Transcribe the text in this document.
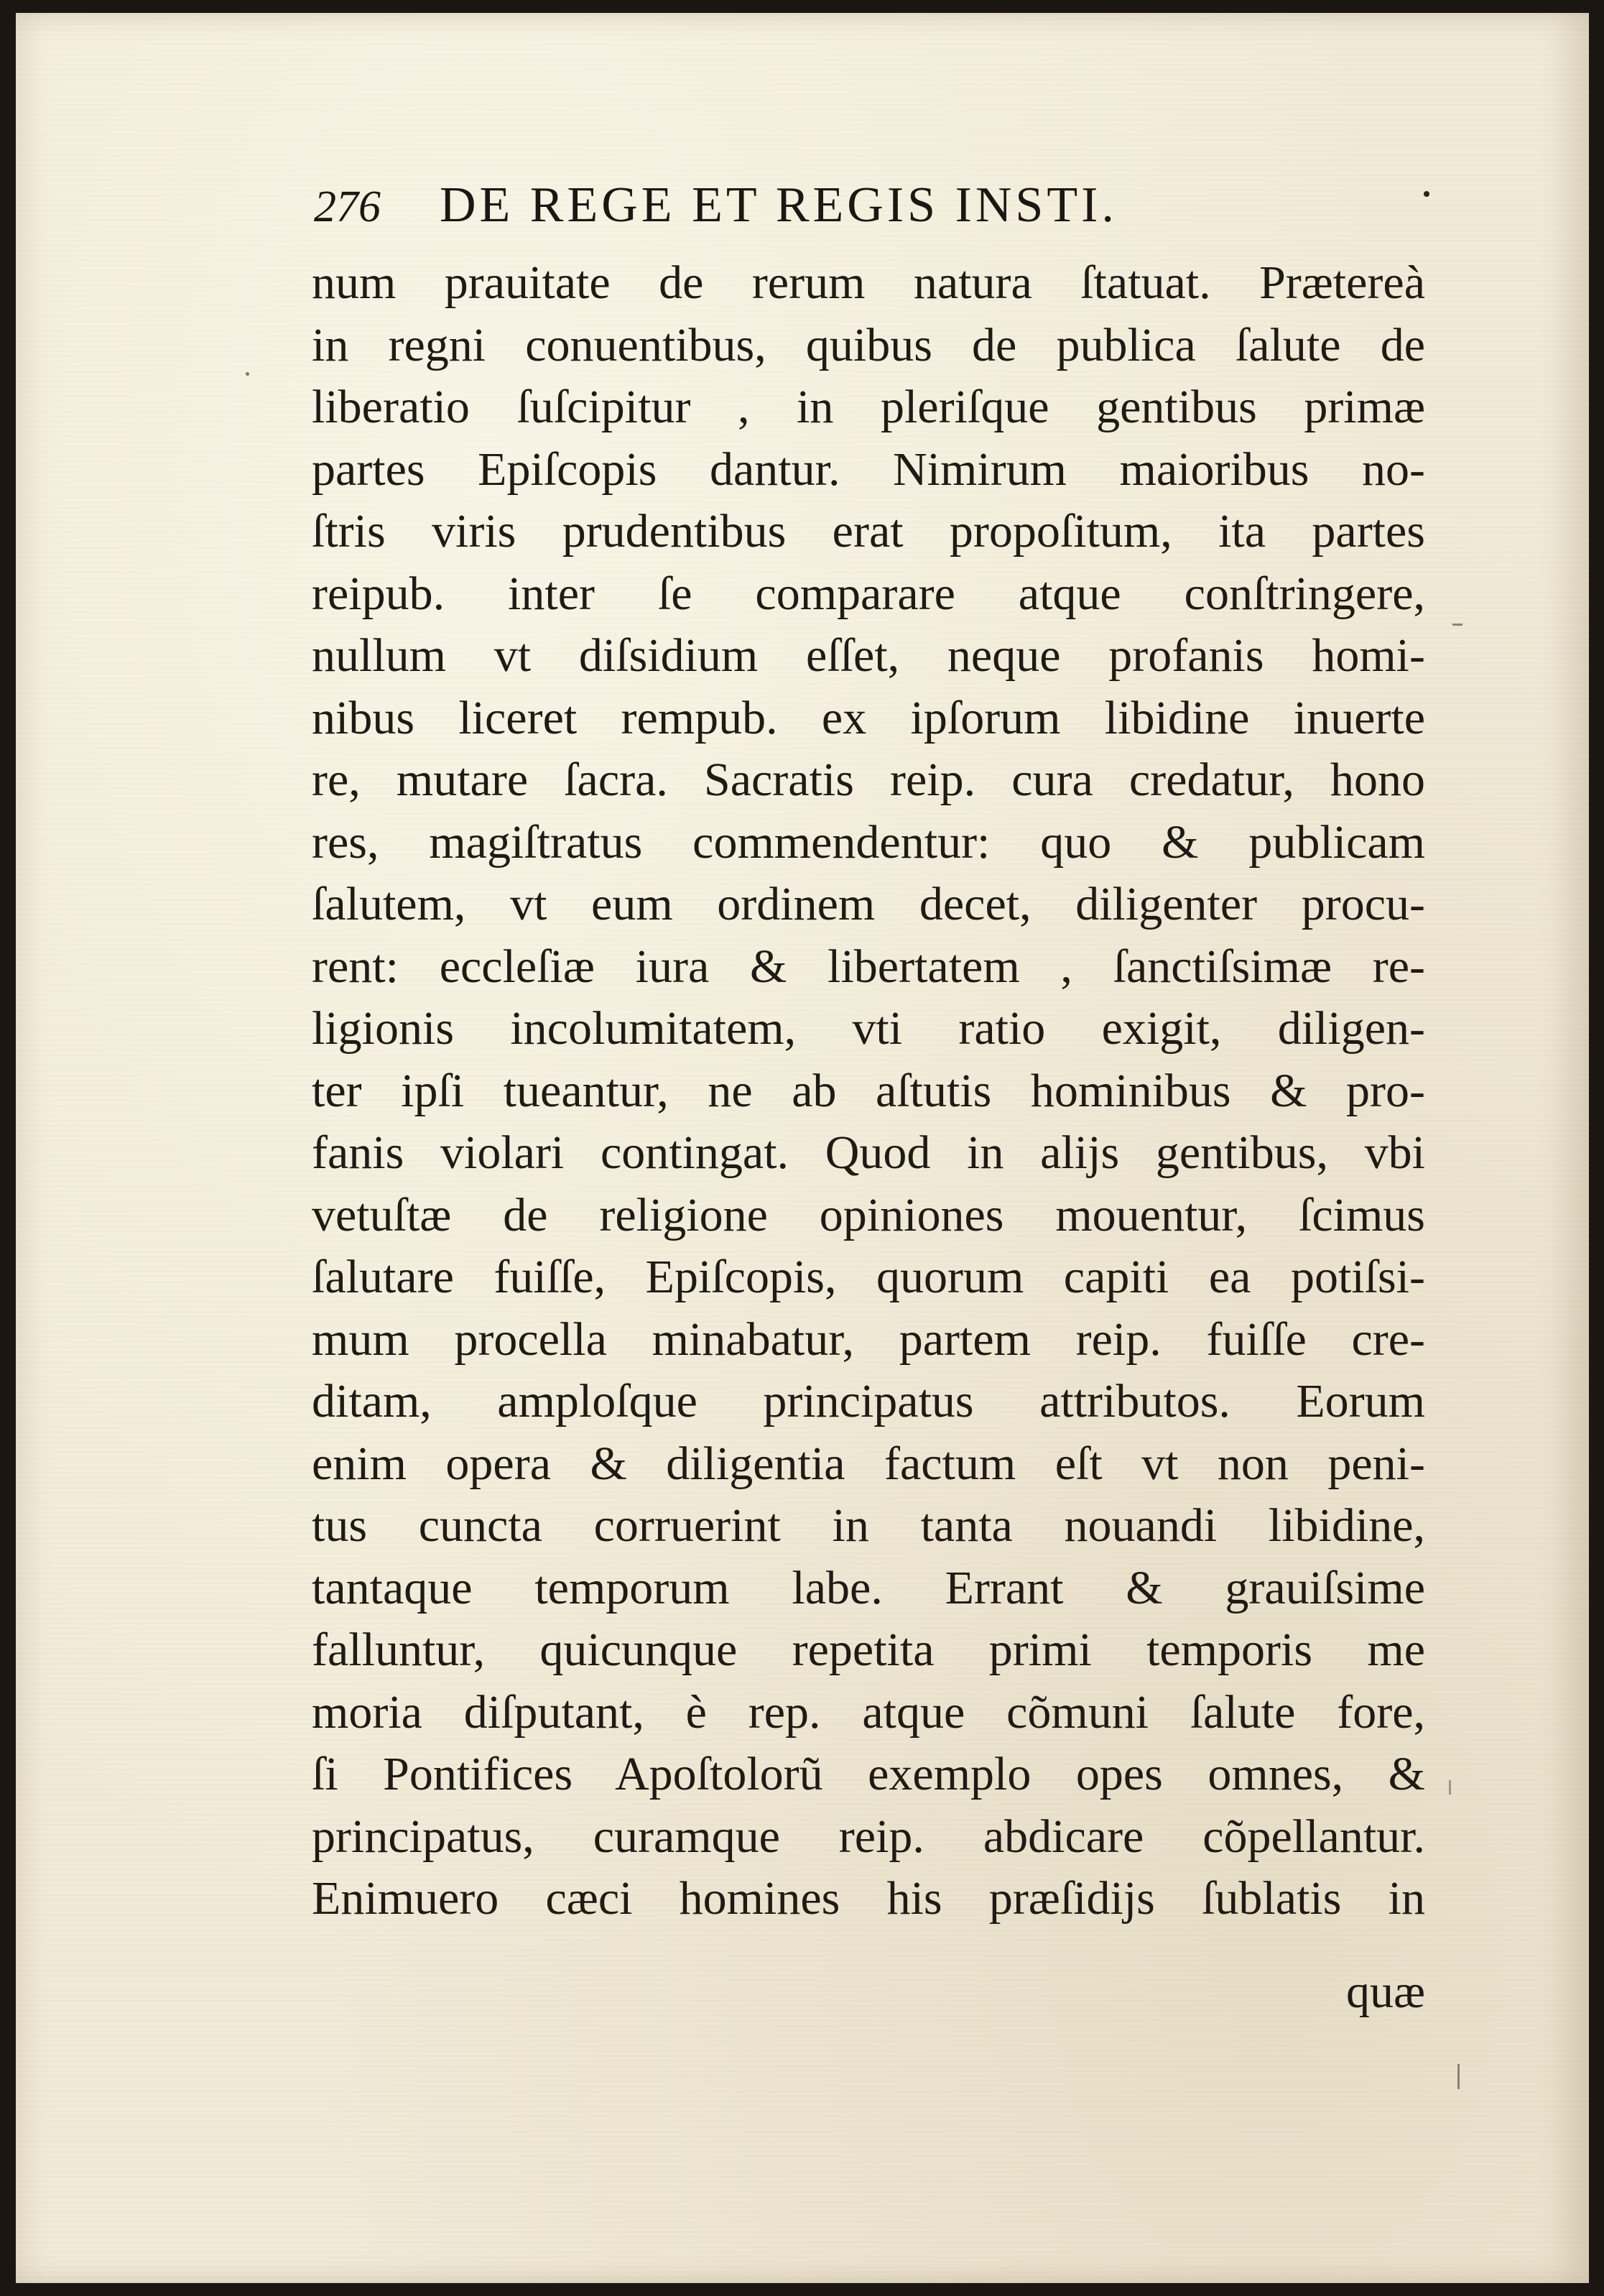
276 DE REGE ET REGIS INSTI.
num prauitate de rerum natura ſtatuat. Prætereà
in regni conuentibus, quibus de publica ſalute de
liberatio ſuſcipitur , in pleriſque gentibus primæ
partes Epiſcopis dantur. Nimirum maioribus no-
ſtris viris prudentibus erat propoſitum, ita partes
reipub. inter ſe comparare atque conſtringere,
nullum vt diſsidium eſſet, neque profanis homi-
nibus liceret rempub. ex ipſorum libidine inuerte
re, mutare ſacra. Sacratis reip. cura credatur, hono
res, magiſtratus commendentur: quo & publicam
ſalutem, vt eum ordinem decet, diligenter procu-
rent: eccleſiæ iura & libertatem , ſanctiſsimæ re-
ligionis incolumitatem, vti ratio exigit, diligen-
ter ipſi tueantur, ne ab aſtutis hominibus & pro-
fanis violari contingat. Quod in alijs gentibus, vbi
vetuſtæ de religione opiniones mouentur, ſcimus
ſalutare fuiſſe, Epiſcopis, quorum capiti ea potiſsi-
mum procella minabatur, partem reip. fuiſſe cre-
ditam, amploſque principatus attributos. Eorum
enim opera & diligentia factum eſt vt non peni-
tus cuncta corruerint in tanta nouandi libidine,
tantaque temporum labe. Errant & grauiſsime
falluntur, quicunque repetita primi temporis me
moria diſputant, è rep. atque cõmuni ſalute fore,
ſi Pontifices Apoſtolorũ exemplo opes omnes, &
principatus, curamque reip. abdicare cõpellantur.
Enimuero cæci homines his præſidijs ſublatis in
quæ
